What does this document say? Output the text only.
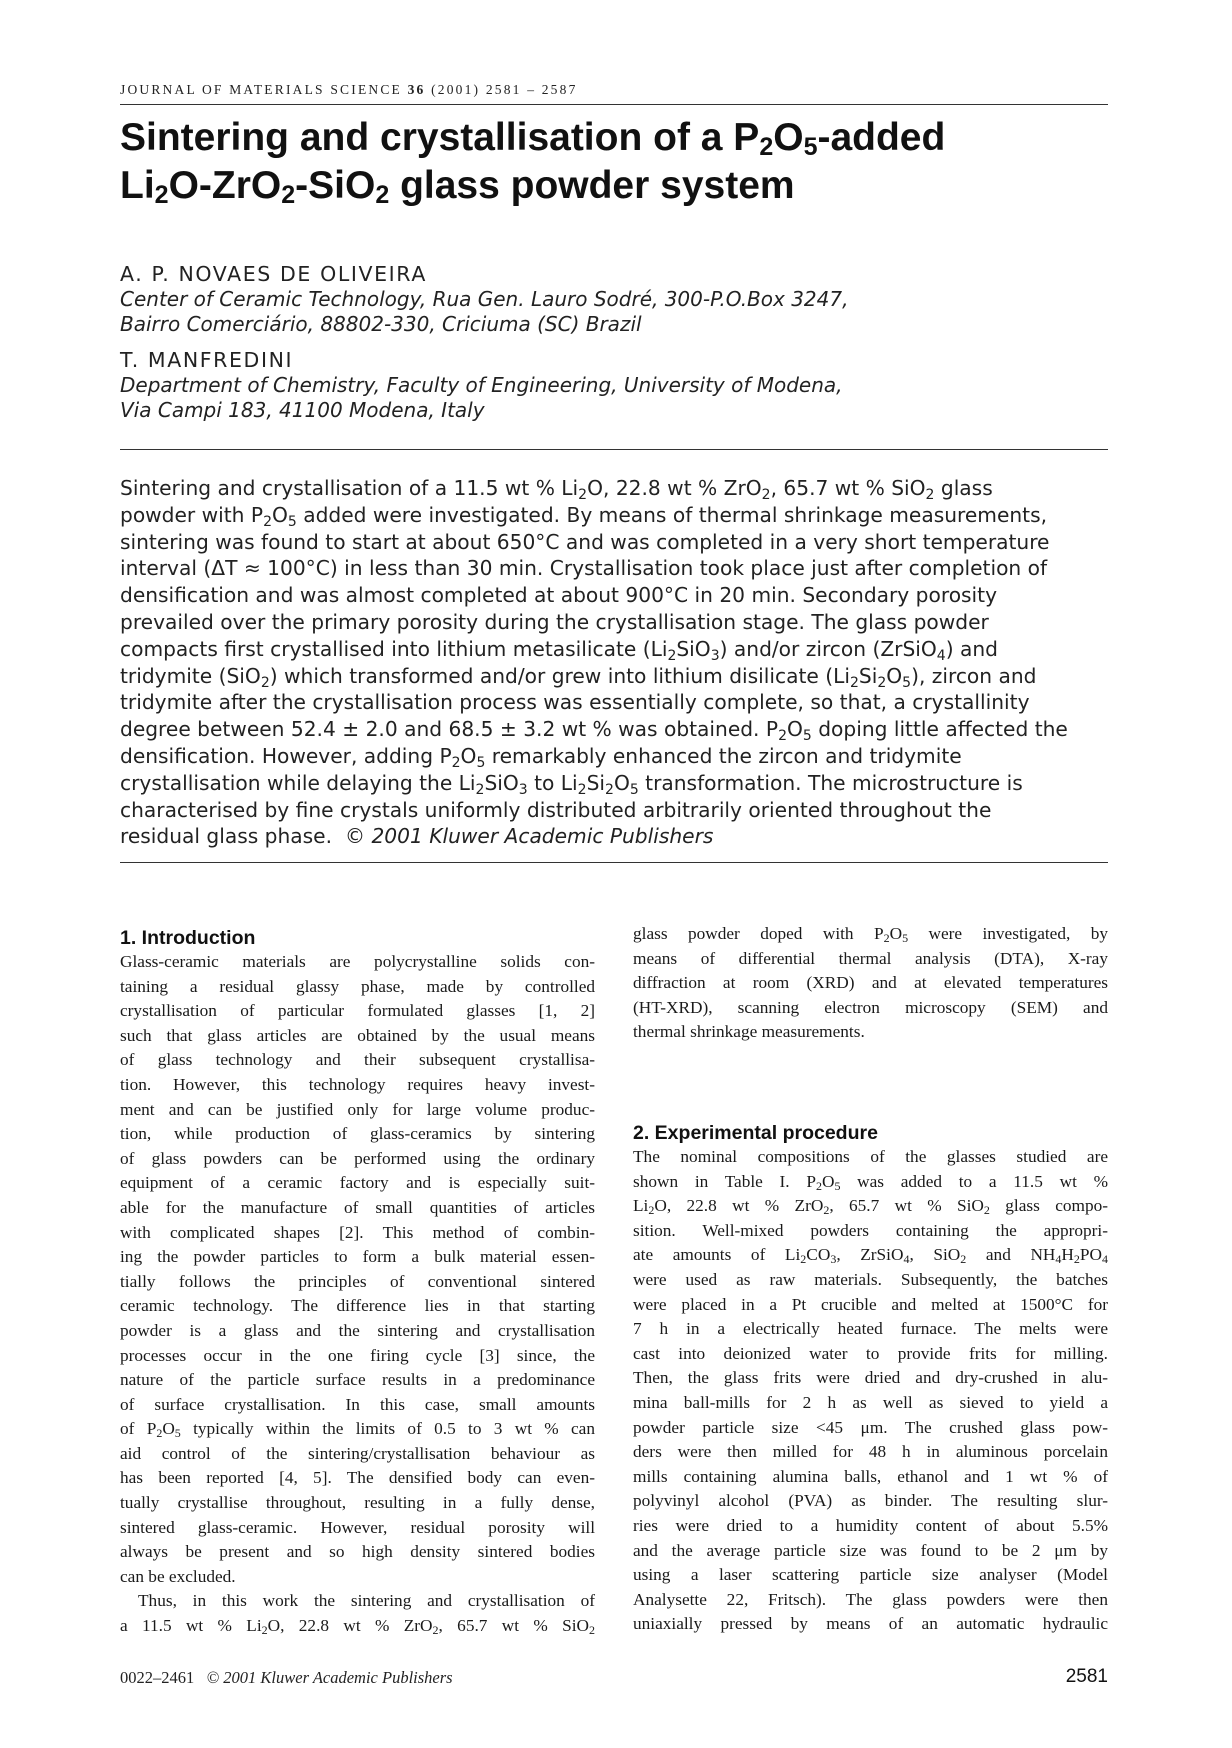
JOURNAL OF MATERIALS SCIENCE 36 (2001) 2581 – 2587
Sintering and crystallisation of a $P_2O_5$-added
$Li_2O-ZrO_2-SiO_2$ glass powder system
A. P. NOVAES DE OLIVEIRA
Center of Ceramic Technology, Rua Gen. Lauro Sodré, 300-P.O.Box 3247,
Bairro Comerciário, 88802-330, Criciuma (SC) Brazil
T. MANFREDINI
Department of Chemistry, Faculty of Engineering, University of Modena,
Via Campi 183, 41100 Modena, Italy
Sintering and crystallisation of a 11.5 wt % $Li_2O$, 22.8 wt % ZrO$_2$, 65.7 wt % SiO$_2$ glass
powder with $P_2O_5$ added were investigated. By means of thermal shrinkage measurements,
sintering was found to start at about 650°C and was completed in a very short temperature
interval (ΔT ≈ 100°C) in less than 30 min. Crystallisation took place just after completion of
densification and was almost completed at about 900°C in 20 min. Secondary porosity
prevailed over the primary porosity during the crystallisation stage. The glass powder
compacts first crystallised into lithium metasilicate $(Li_2SiO_3)$ and/or zircon (ZrSiO$_4$) and
tridymite (SiO$_2$) which transformed and/or grew into lithium disilicate $(Li_2Si_2O_5)$, zircon and
tridymite after the crystallisation process was essentially complete, so that, a crystallinity
degree between 52.4 ± 2.0 and 68.5 ± 3.2 wt % was obtained. $P_2O_5$ doping little affected the
densification. However, adding $P_2O_5$ remarkably enhanced the zircon and tridymite
crystallisation while delaying the $Li_2SiO_3$ to $Li_2Si_2O_5$ transformation. The microstructure is
characterised by fine crystals uniformly distributed arbitrarily oriented throughout the
residual glass phase. © 2001 Kluwer Academic Publishers
1. Introduction
Glass-ceramic materials are polycrystalline solids con-
taining a residual glassy phase, made by controlled
crystallisation of particular formulated glasses [1, 2]
such that glass articles are obtained by the usual means
of glass technology and their subsequent crystallisa-
tion. However, this technology requires heavy invest-
ment and can be justified only for large volume produc-
tion, while production of glass-ceramics by sintering
of glass powders can be performed using the ordinary
equipment of a ceramic factory and is especially suit-
able for the manufacture of small quantities of articles
with complicated shapes [2]. This method of combin-
ing the powder particles to form a bulk material essen-
tially follows the principles of conventional sintered
ceramic technology. The difference lies in that starting
powder is a glass and the sintering and crystallisation
processes occur in the one firing cycle [3] since, the
nature of the particle surface results in a predominance
of surface crystallisation. In this case, small amounts
of $P_2O_5$ typically within the limits of 0.5 to 3 wt % can
aid control of the sintering/crystallisation behaviour as
has been reported [4, 5]. The densified body can even-
tually crystallise throughout, resulting in a fully dense,
sintered glass-ceramic. However, residual porosity will
always be present and so high density sintered bodies
can be excluded.
Thus, in this work the sintering and crystallisation of
a 11.5 wt % $Li_2O$, 22.8 wt % ZrO$_2$, 65.7 wt % SiO$_2$
glass powder doped with $P_2O_5$ were investigated, by
means of differential thermal analysis (DTA), X-ray
diffraction at room (XRD) and at elevated temperatures
(HT-XRD), scanning electron microscopy (SEM) and
thermal shrinkage measurements.
2. Experimental procedure
The nominal compositions of the glasses studied are
shown in Table I. $P_2O_5$ was added to a 11.5 wt %
$Li_2O$, 22.8 wt % ZrO$_2$, 65.7 wt % SiO$_2$ glass compo-
sition. Well-mixed powders containing the appropri-
ate amounts of $Li_2CO_3$, ZrSiO$_4$, SiO$_2$ and $NH_4H_2PO_4$
were used as raw materials. Subsequently, the batches
were placed in a Pt crucible and melted at 1500°C for
7 h in a electrically heated furnace. The melts were
cast into deionized water to provide frits for milling.
Then, the glass frits were dried and dry-crushed in alu-
mina ball-mills for 2 h as well as sieved to yield a
powder particle size <45 μm. The crushed glass pow-
ders were then milled for 48 h in aluminous porcelain
mills containing alumina balls, ethanol and 1 wt % of
polyvinyl alcohol (PVA) as binder. The resulting slur-
ries were dried to a humidity content of about 5.5%
and the average particle size was found to be 2 μm by
using a laser scattering particle size analyser (Model
Analysette 22, Fritsch). The glass powders were then
uniaxially pressed by means of an automatic hydraulic
0022–2461 © 2001 Kluwer Academic Publishers	2581
